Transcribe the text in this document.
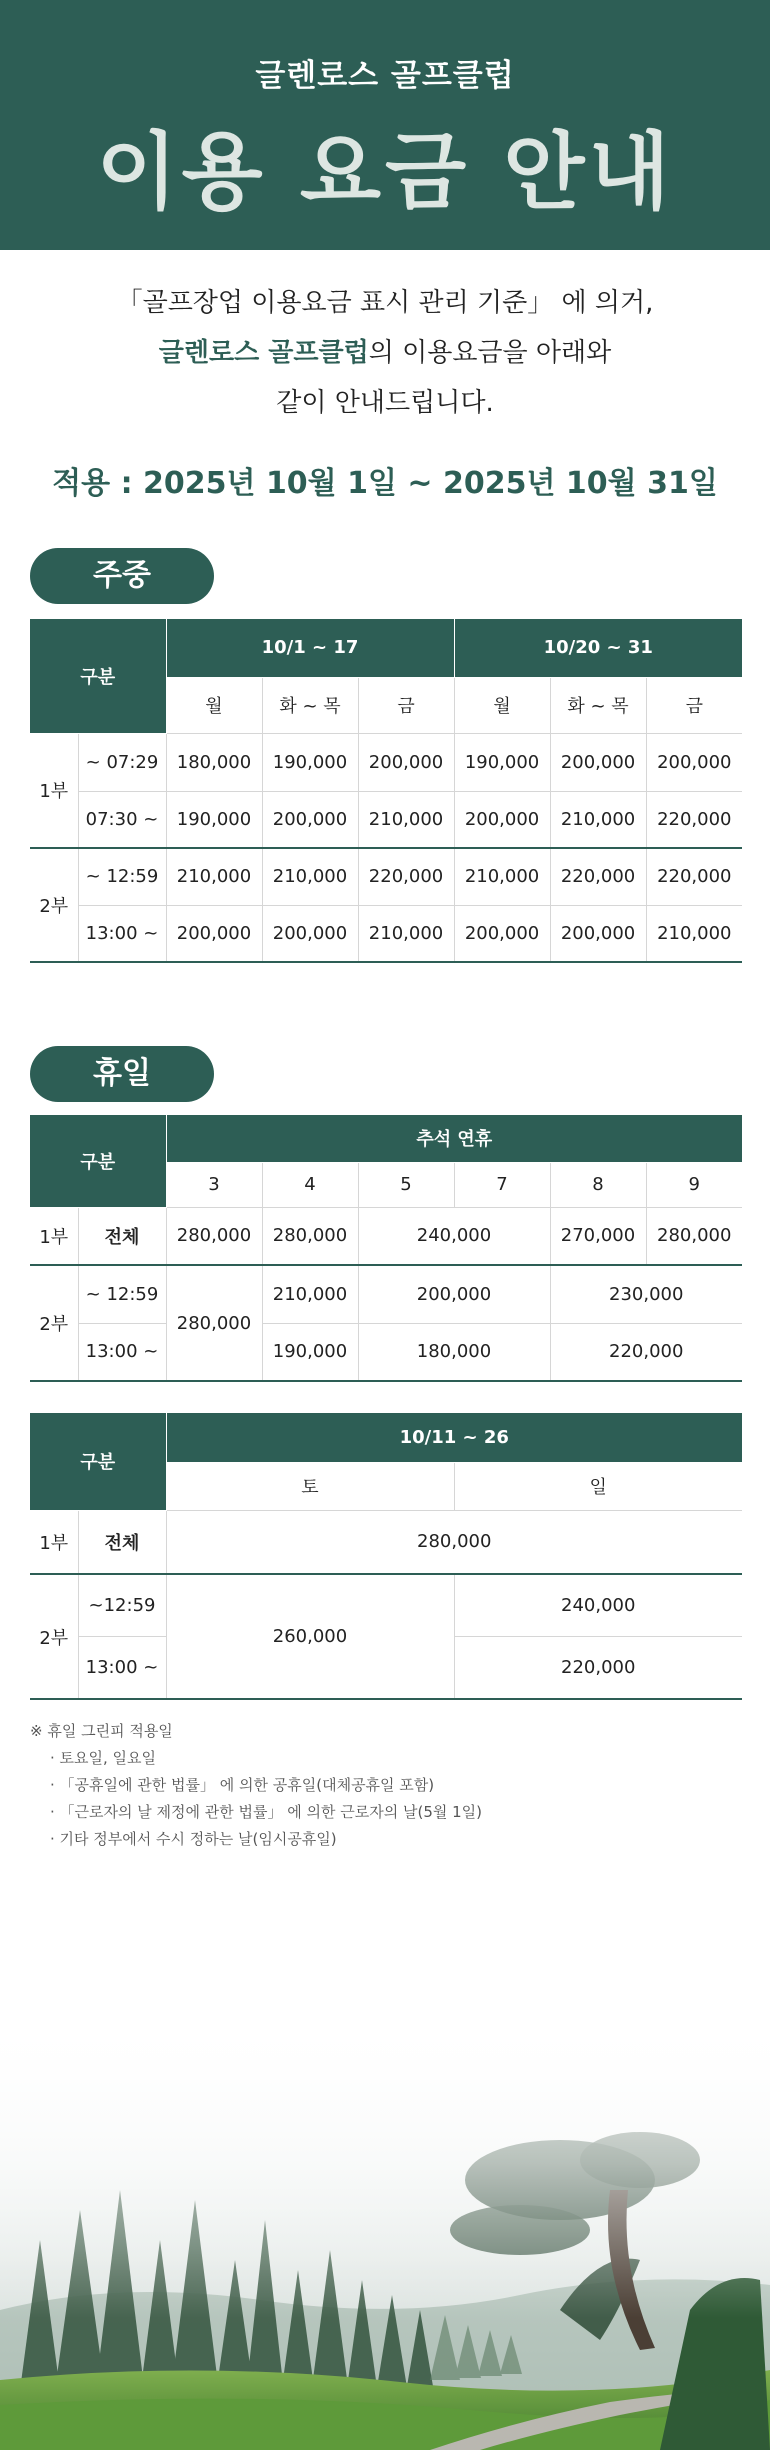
글렌로스 골프클럽
이용 요금 안내
「골프장업 이용요금 표시 관리 기준」 에 의거,
글렌로스 골프클럽의 이용요금을 아래와
같이 안내드립니다.
적용 : 2025년 10월 1일 ~ 2025년 10월 31일
주중
구분		10/1 ~ 17			10/20 ~ 31		
		월	화 ~ 목	금	월	화 ~ 목	금
1부	~ 07:29	180,000	190,000	200,000	190,000	200,000	200,000
	07:30 ~	190,000	200,000	210,000	200,000	210,000	220,000
2부	~ 12:59	210,000	210,000	220,000	210,000	220,000	220,000
	13:00 ~	200,000	200,000	210,000	200,000	200,000	210,000
휴일
구분		추석 연휴					
		3	4	5	7	8	9
1부	전체	280,000	280,000	240,000		270,000	280,000
2부	~ 12:59	280,000	210,000	200,000		230,000	
	13:00 ~		190,000	180,000		220,000	
구분		10/11 ~ 26	
		토	일
1부	전체	280,000	
2부	~12:59	260,000	240,000
	13:00 ~		220,000
※ 휴일 그린피 적용일
· 토요일, 일요일
· 「공휴일에 관한 법률」 에 의한 공휴일(대체공휴일 포함)
· 「근로자의 날 제정에 관한 법률」 에 의한 근로자의 날(5월 1일)
· 기타 정부에서 수시 정하는 날(임시공휴일)
